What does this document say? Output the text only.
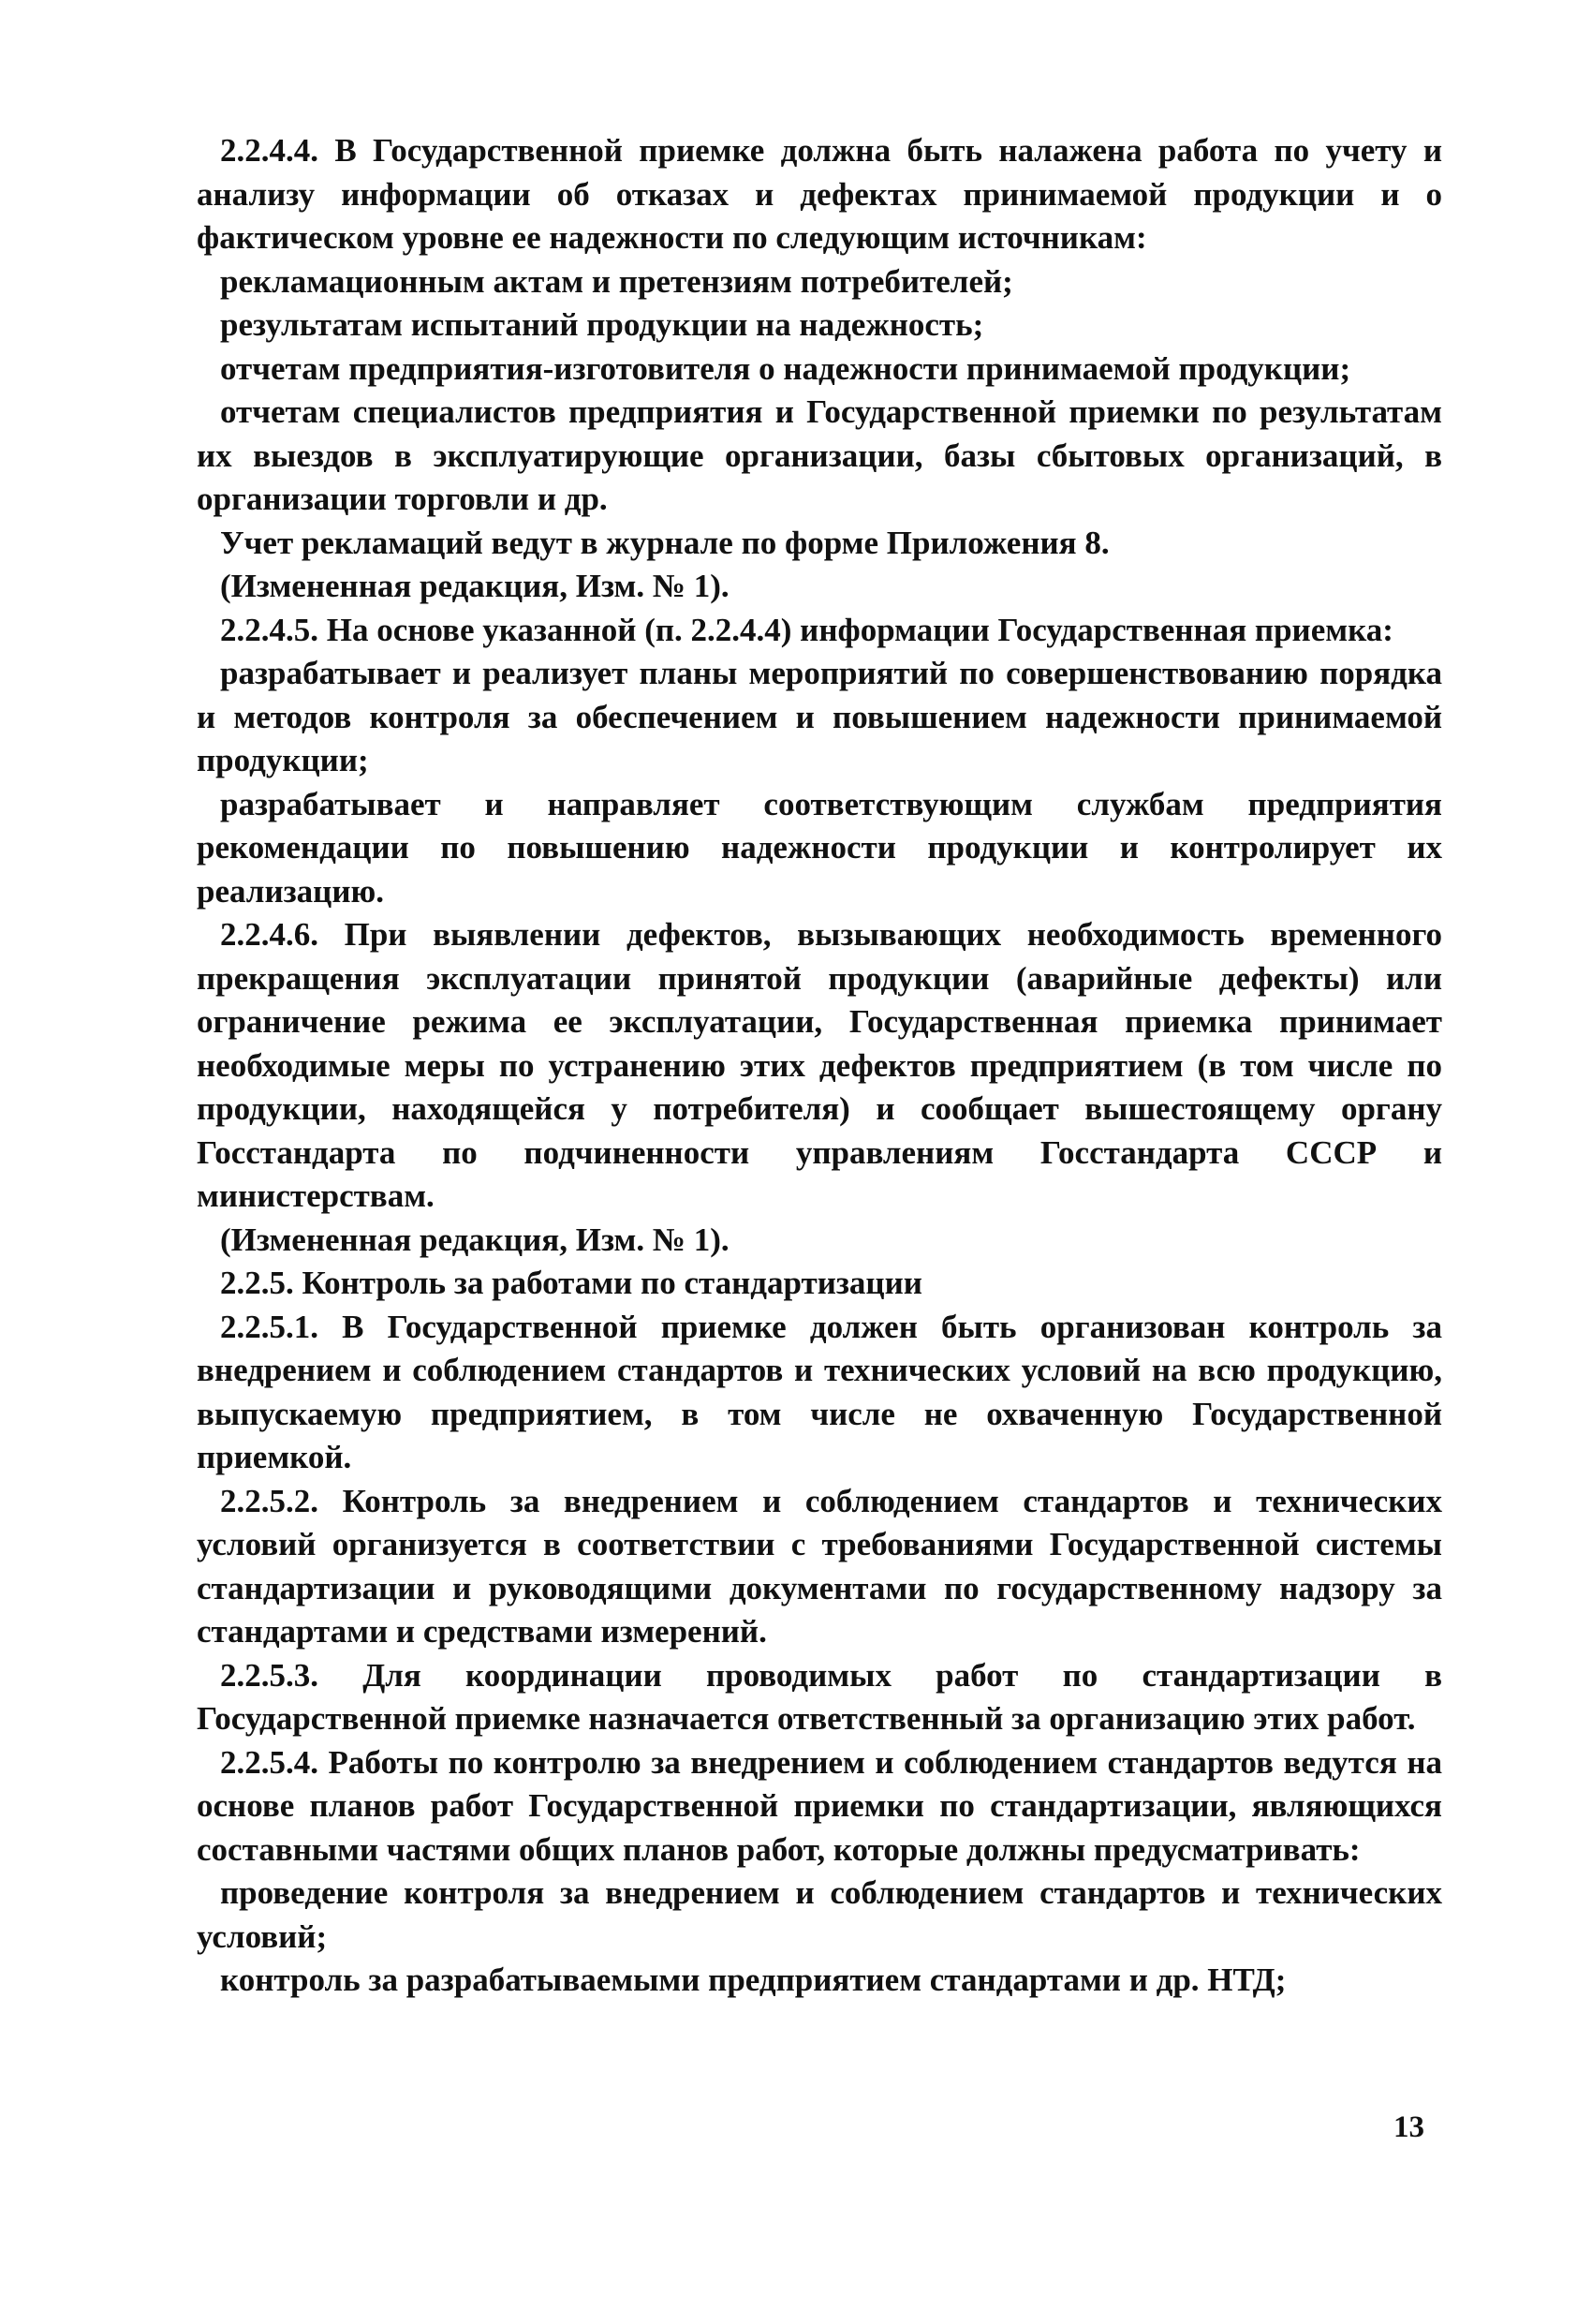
2.2.4.4. В Государственной приемке должна быть налажена работа по учету и анализу информации об отказах и дефектах принимаемой продукции и о фактическом уровне ее надежности по следующим источникам:

рекламационным актам и претензиям потребителей;

результатам испытаний продукции на надежность;

отчетам предприятия-изготовителя о надежности принимаемой продукции;

отчетам специалистов предприятия и Государственной приемки по результатам их выездов в эксплуатирующие организации, базы сбытовых организаций, в организации торговли и др.

Учет рекламаций ведут в журнале по форме Приложения 8.

(Измененная редакция, Изм. № 1).

2.2.4.5. На основе указанной (п. 2.2.4.4) информации Государственная приемка:

разрабатывает и реализует планы мероприятий по совершенствованию порядка и методов контроля за обеспечением и повышением надежности принимаемой продукции;

разрабатывает и направляет соответствующим службам предприятия рекомендации по повышению надежности продукции и контролирует их реализацию.

2.2.4.6. При выявлении дефектов, вызывающих необходимость временного прекращения эксплуатации принятой продукции (аварийные дефекты) или ограничение режима ее эксплуатации, Государственная приемка принимает необходимые меры по устранению этих дефектов предприятием (в том числе по продукции, находящейся у потребителя) и сообщает вышестоящему органу Госстандарта по подчиненности управлениям Госстандарта СССР и министерствам.

(Измененная редакция, Изм. № 1).

2.2.5. Контроль за работами по стандартизации

2.2.5.1. В Государственной приемке должен быть организован контроль за внедрением и соблюдением стандартов и технических условий на всю продукцию, выпускаемую предприятием, в том числе не охваченную Государственной приемкой.

2.2.5.2. Контроль за внедрением и соблюдением стандартов и технических условий организуется в соответствии с требованиями Государственной системы стандартизации и руководящими документами по государственному надзору за стандартами и средствами измерений.

2.2.5.3. Для координации проводимых работ по стандартизации в Государственной приемке назначается ответственный за организацию этих работ.

2.2.5.4. Работы по контролю за внедрением и соблюдением стандартов ведутся на основе планов работ Государственной приемки по стандартизации, являющихся составными частями общих планов работ, которые должны предусматривать:

проведение контроля за внедрением и соблюдением стандартов и технических условий;

контроль за разрабатываемыми предприятием стандартами и др. НТД;

13
